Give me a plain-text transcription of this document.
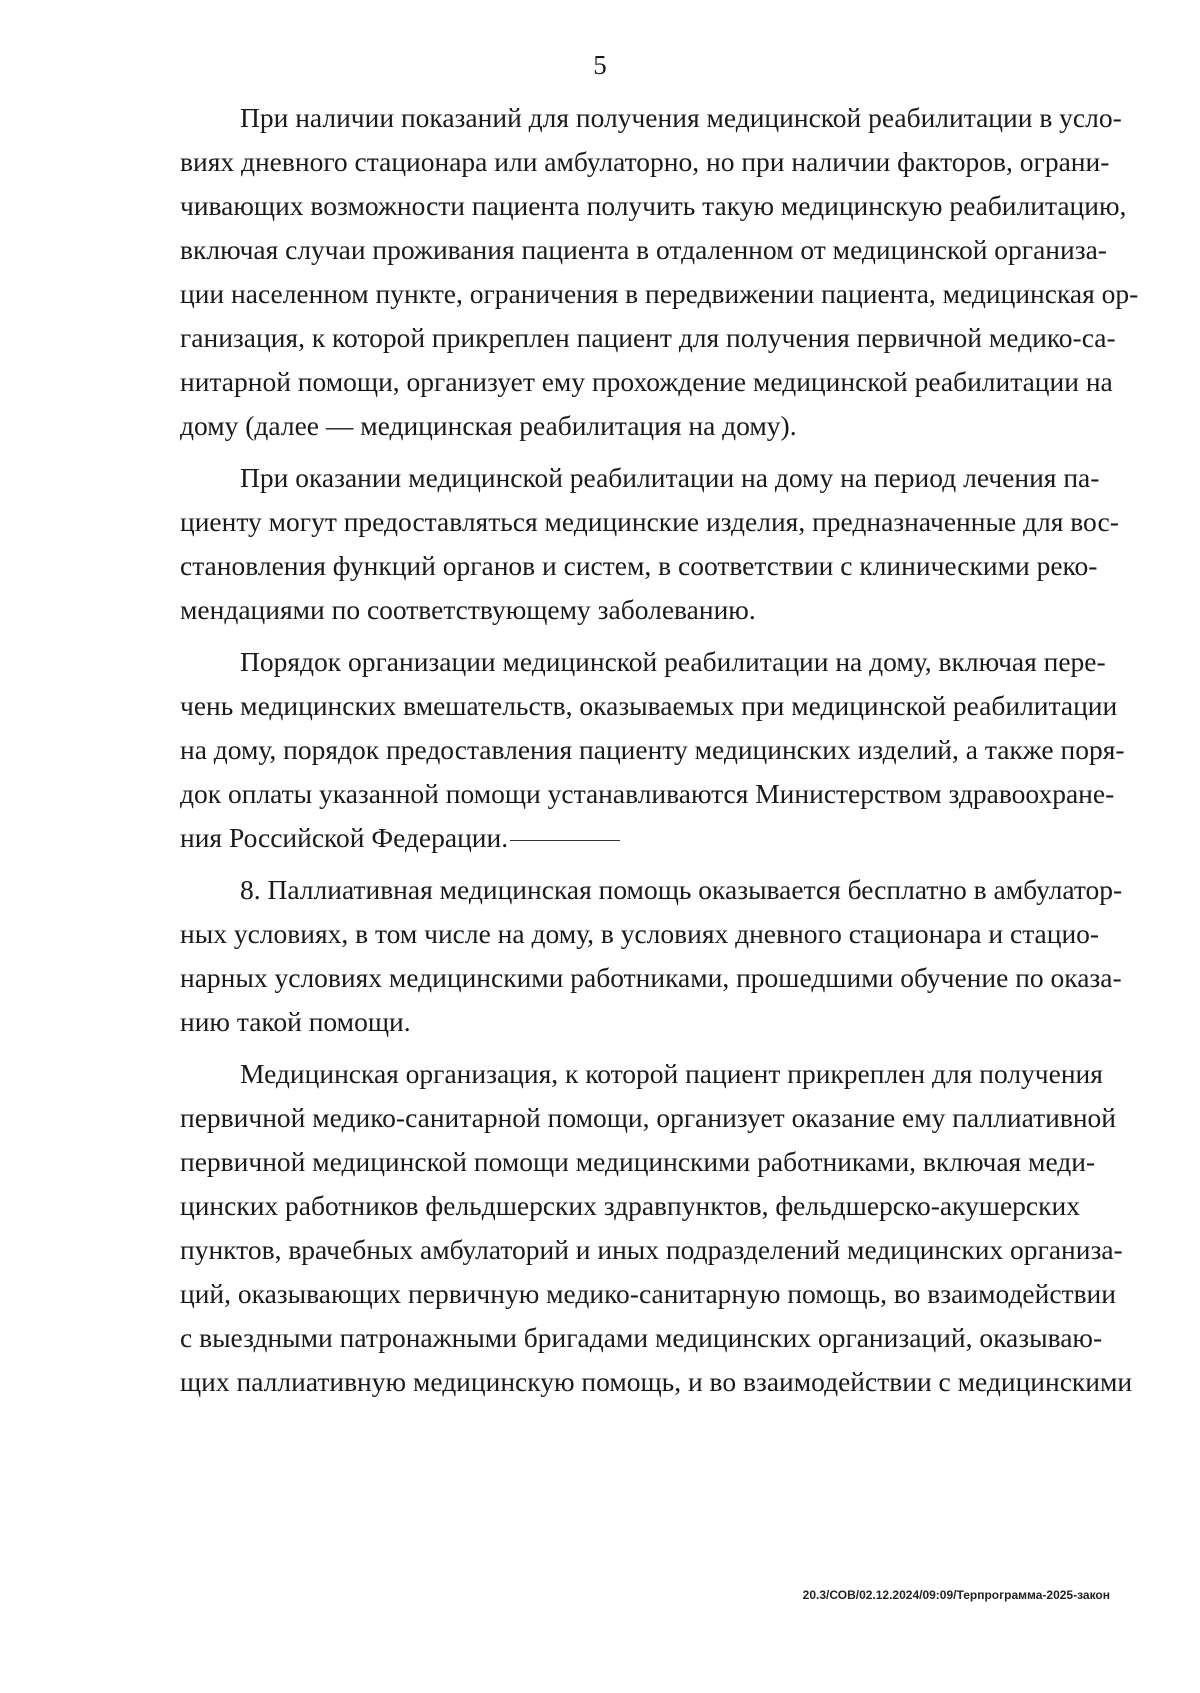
5
При наличии показаний для получения медицинской реабилитации в усло-
виях дневного стационара или амбулаторно, но при наличии факторов, ограни-
чивающих возможности пациента получить такую медицинскую реабилитацию,
включая случаи проживания пациента в отдаленном от медицинской организа-
ции населенном пункте, ограничения в передвижении пациента, медицинская ор-
ганизация, к которой прикреплен пациент для получения первичной медико-са-
нитарной помощи, организует ему прохождение медицинской реабилитации на
дому (далее — медицинская реабилитация на дому).
При оказании медицинской реабилитации на дому на период лечения па-
циенту могут предоставляться медицинские изделия, предназначенные для вос-
становления функций органов и систем, в соответствии с клиническими реко-
мендациями по соответствующему заболеванию.
Порядок организации медицинской реабилитации на дому, включая пере-
чень медицинских вмешательств, оказываемых при медицинской реабилитации
на дому, порядок предоставления пациенту медицинских изделий, а также поря-
док оплаты указанной помощи устанавливаются Министерством здравоохране-
ния Российской Федерации.
8. Паллиативная медицинская помощь оказывается бесплатно в амбулатор-
ных условиях, в том числе на дому, в условиях дневного стационара и стацио-
нарных условиях медицинскими работниками, прошедшими обучение по оказа-
нию такой помощи.
Медицинская организация, к которой пациент прикреплен для получения
первичной медико-санитарной помощи, организует оказание ему паллиативной
первичной медицинской помощи медицинскими работниками, включая меди-
цинских работников фельдшерских здравпунктов, фельдшерско-акушерских
пунктов, врачебных амбулаторий и иных подразделений медицинских организа-
ций, оказывающих первичную медико-санитарную помощь, во взаимодействии
с выездными патронажными бригадами медицинских организаций, оказываю-
щих паллиативную медицинскую помощь, и во взаимодействии с медицинскими
20.3/СОВ/02.12.2024/09:09/Терпрограмма-2025-закон
